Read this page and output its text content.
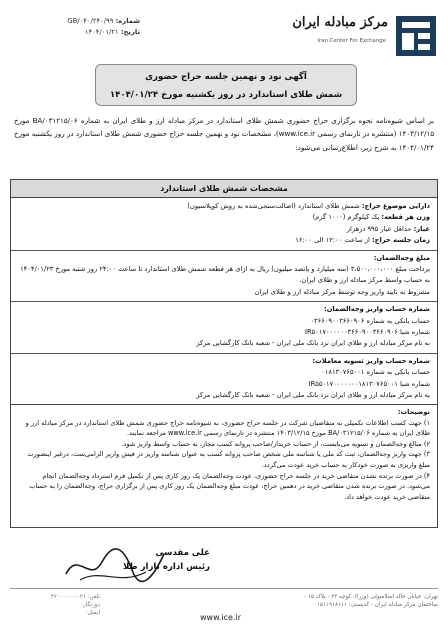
شماره: GB/۰۴۰/۲۴۰/۹۹
تاریخ: ۱۴۰۴/۰۱/۲۱
مرکز مبادله ایران
Iran Center For Exchange
آگهی نود و نهمین جلسه حراج حضوری
شمش طلای استاندارد در روز یکشنبه مورخ ۱۴۰۴/۰۱/۲۴
بر اساس شیوه‌نامه نحوه برگزاری حراج حضوری شمش طلای استاندارد در مرکز مبادله ارز و طلای ایران به شماره BA/۰۳۱۲۱۵/۰۶ مورخ ۱۴۰۳/۱۲/۱۵ (منتشره در تارنمای رسمی www.ice.ir)، مشخصات نود و نهمین جلسه حراج حضوری شمش طلای استاندارد در روز یکشنبه مورخ ۱۴۰۴/۰۱/۲۴ به شرح زیر، اطلاع‌رسانی می‌شود:
مشخصات شمش طلای استاندارد
دارایی موضوع حراج: شمش طلای استاندارد (اصالت‌سنجی‌شده به روش کوپلاسیون)
وزن هر قطعه: یک کیلوگرم (۱۰۰۰ گرم)
عیار: حداقل عیار ۹۹۵ درهزار
زمان جلسه حراج: از ساعت ۱۲:۰۰ الی ۱۶:۰۰
مبلغ وجه‌الضمان:
پرداخت مبلغ ۳،۵۰۰،۰۰۰،۰۰۰ (سه میلیارد و پانصد میلیون) ریال به ازای هر قطعه شمش طلای استاندارد تا ساعت ۲۴:۰۰ روز شنبه مورخ ۱۴۰۴/۰۱/۲۳ به حساب واسط مرکز مبادله ارز و طلای ایران.
مشروط به تایید واریز وجه توسط مرکز مبادله ارز و طلای ایران
شماره حساب واریز وجه‌الضمان:
حساب بانکی به شماره ۰۳۶۶۰۹۰۰۳۶۶۰۹۰۶
شماره شبا IR۵۰۱۷۰۰۰۰۰۰۳۶۶۰۹۰۰۳۶۶۰۹۰۶
به نام مرکز مبادله ارز و طلای ایران نزد بانک ملی ایران - شعبه بانک کارگشایی مرکز
شماره حساب واریز تسویه معاملات:
حساب بانکی به شماره ۰۱۸۱۳۰۷۶۵۰۰۱
شماره شبا IR۵۵۰۱۷۰۰۰۰۰۰۰۱۸۱۳۰۷۶۵۰۰۱
به نام مرکز مبادله ارز و طلای ایران نزد بانک ملی ایران - شعبه بانک کارگشایی مرکز
توضیحات:
۱) جهت کسب اطلاعات تکمیلی به متقاضیان شرکت در جلسه حراج حضوری، به شیوه‌نامه حراج حضوری شمش طلای استاندارد در مرکز مبادله ارز و طلای ایران به شماره BA/۰۳۱۲۱۵/۰۶ مورخ ۱۴۰۳/۱۲/۱۵ منتشره در تارنمای رسمی www.ice.ir مراجعه نمایند.
۲) مبالغ وجه‌الضمان و تسویه می‌بایست، از حساب خریدار/صاحب پروانه کسب مجاز، به حساب واسط واریز شود.
۳) جهت واریز وجه‌الضمان، ثبت کد ملی یا شناسه ملی شخص صاحب پروانه کسب به عنوان شناسه واریز در فیش واریز الزامی‌ست، درغیر اینصورت مبلغ واریزی به صورت خودکار به حساب خرید عودت می‌گردد.
۴) در صورت برنده نشدن متقاضی خرید در جلسه حراج حضوری، عودت وجه‌الضمان یک روز کاری پس از تکمیل فرم استرداد وجه‌الضمان انجام می‌شود. در صورت برنده شدن متقاضی خرید در دهمین حراج، عودت مبلغ وجه‌الضمان یک روز کاری پس از برگزاری حراج، وجه‌الضمان را به حساب متقاضی خرید عودت خواهد داد.
علی مقدسی
رئیس اداره بازار طلا
تهران، خیابان خالد اسلامبولی (وزرا)، کوچه ۲۳ - پلاک ۱۵ - ساختمان مرکز مبادله ایران - کدپستی: ۱۵۱۱۹۱۸۱۱۱
www.ice.ir
تلفن: ۰۲۱-۴۷۰۰۰۰۰۰
دورنگار:
ایمیل:
